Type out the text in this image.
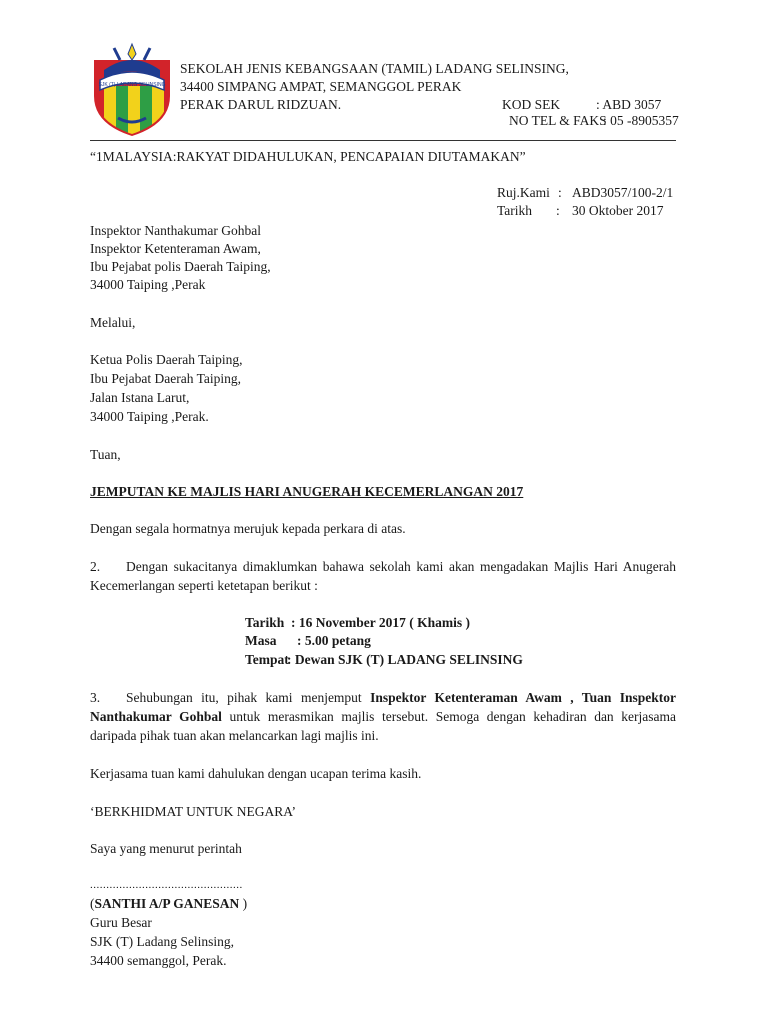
SJK (T) LADANG SELINSING
SEKOLAH JENIS KEBANGSAAN (TAMIL) LADANG SELINSING,
34400 SIMPANG AMPAT, SEMANGGOL PERAK
PERAK DARUL RIDZUAN.	KOD SEK	: ABD 3057
NO TEL & FAKS
: 05 -8905357
“1MALAYSIA:RAKYAT DIDAHULUKAN, PENCAPAIAN DIUTAMAKAN”
Ruj.Kami : ABD3057/100-2/1
Tarikh : 30 Oktober 2017
Inspektor Nanthakumar Gohbal
Inspektor Ketenteraman Awam,
Ibu Pejabat polis Daerah Taiping,
34000 Taiping ,Perak
Melalui,
Ketua Polis Daerah Taiping,
Ibu Pejabat Daerah Taiping,
Jalan Istana Larut,
34000 Taiping ,Perak.
Tuan,
JEMPUTAN KE MAJLIS HARI ANUGERAH KECEMERLANGAN 2017
Dengan segala hormatnya merujuk kepada perkara di atas.
2. Dengan sukacitanya dimaklumkan bahawa sekolah kami akan mengadakan Majlis Hari Anugerah
Kecemerlangan seperti ketetapan berikut :
Tarikh : 16 November 2017 ( Khamis )
Masa : 5.00 petang
Tempat: Dewan SJK (T) LADANG SELINSING
3. Sehubungan itu, pihak kami menjemput Inspektor Ketenteraman Awam , Tuan Inspektor
Nanthakumar Gohbal untuk merasmikan majlis tersebut. Semoga dengan kehadiran dan kerjasama
daripada pihak tuan akan melancarkan lagi majlis ini.
Kerjasama tuan kami dahulukan dengan ucapan terima kasih.
‘BERKHIDMAT UNTUK NEGARA’
Saya yang menurut perintah
...............................................
(SANTHI A/P GANESAN )
Guru Besar
SJK (T) Ladang Selinsing,
34400 semanggol, Perak.
